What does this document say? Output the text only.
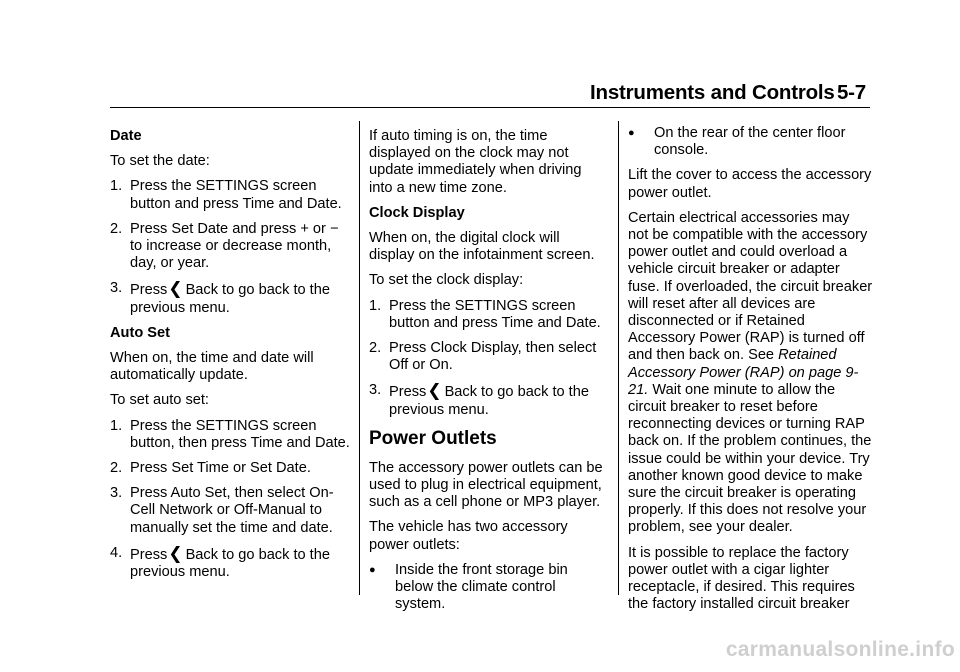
Instruments and Controls 5-7

Date

To set the date:

1. Press the SETTINGS screen button and press Time and Date.
2. Press Set Date and press + or − to increase or decrease month, day, or year.
3. Press❮ Back to go back to the previous menu.

Auto Set

When on, the time and date will automatically update.

To set auto set:

1. Press the SETTINGS screen button, then press Time and Date.
2. Press Set Time or Set Date.
3. Press Auto Set, then select On-Cell Network or Off-Manual to manually set the time and date.
4. Press❮ Back to go back to the previous menu.

If auto timing is on, the time displayed on the clock may not update immediately when driving into a new time zone.

Clock Display

When on, the digital clock will display on the infotainment screen.

To set the clock display:

1. Press the SETTINGS screen button and press Time and Date.
2. Press Clock Display, then select Off or On.
3. Press❮ Back to go back to the previous menu.
Power Outlets

The accessory power outlets can be used to plug in electrical equipment, such as a cell phone or MP3 player.

The vehicle has two accessory power outlets:

●	Inside the front storage bin below the climate control system.
●	On the rear of the center floor console.

Lift the cover to access the accessory power outlet.

Certain electrical accessories may not be compatible with the accessory power outlet and could overload a vehicle circuit breaker or adapter fuse. If overloaded, the circuit breaker will reset after all devices are disconnected or if Retained Accessory Power (RAP) is turned off and then back on. See Retained Accessory Power (RAP) on page 9-21. Wait one minute to allow the circuit breaker to reset before reconnecting devices or turning RAP back on. If the problem continues, the issue could be within your device. Try another known good device to make sure the circuit breaker is operating properly. If this does not resolve your problem, see your dealer.

It is possible to replace the factory power outlet with a cigar lighter receptacle, if desired. This requires the factory installed circuit breaker

carmanualsonline.info
